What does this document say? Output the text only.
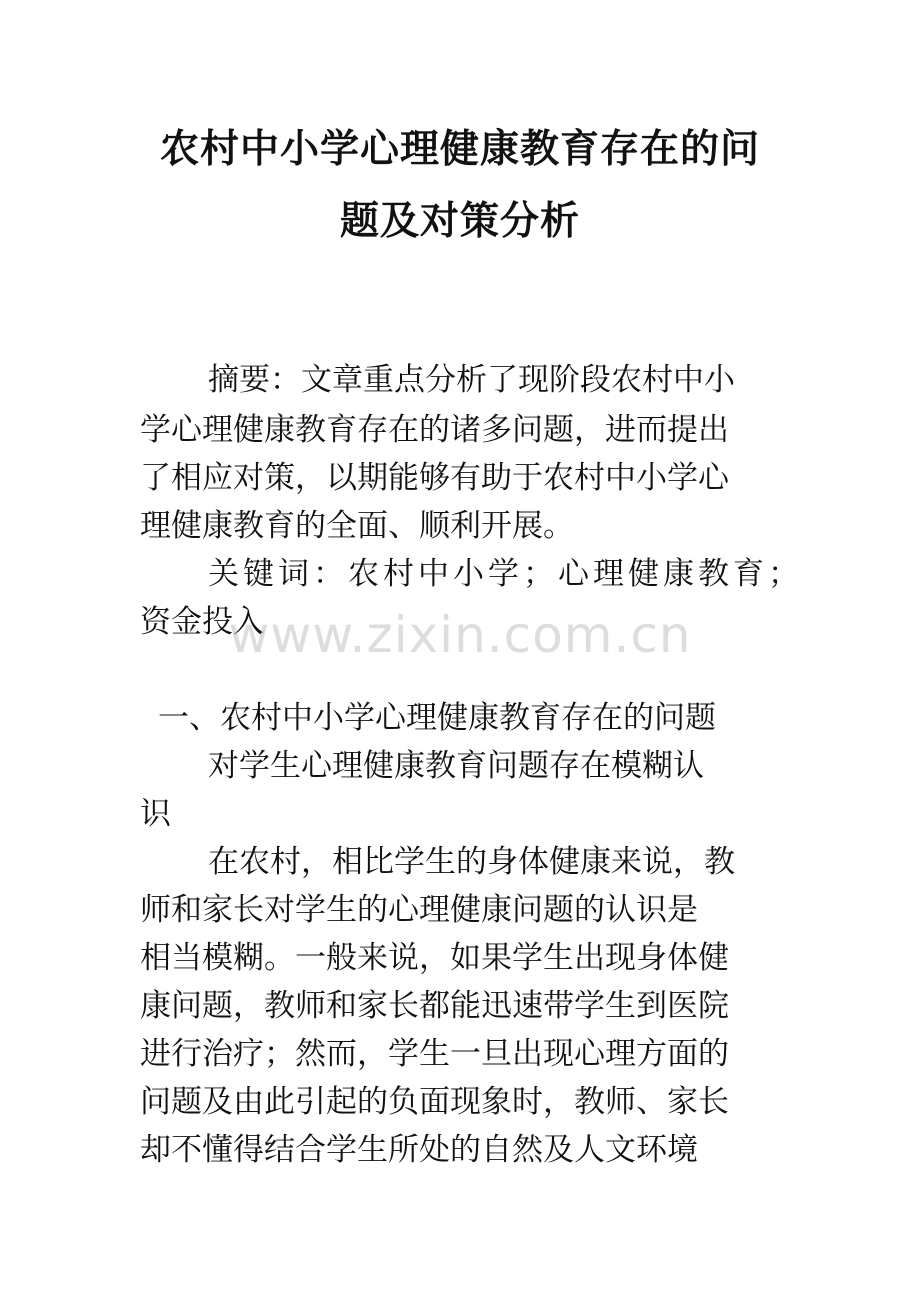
农村中小学心理健康教育存在的问
题及对策分析
摘要：文章重点分析了现阶段农村中小
学心理健康教育存在的诸多问题，进而提出
了相应对策，以期能够有助于农村中小学心
理健康教育的全面、顺利开展。
关键词：农村中小学；心理健康教育；
资金投入
www.zixin.com.cn
一、农村中小学心理健康教育存在的问题
对学生心理健康教育问题存在模糊认
识
在农村，相比学生的身体健康来说，教
师和家长对学生的心理健康问题的认识是
相当模糊。一般来说，如果学生出现身体健
康问题，教师和家长都能迅速带学生到医院
进行治疗；然而，学生一旦出现心理方面的
问题及由此引起的负面现象时，教师、家长
却不懂得结合学生所处的自然及人文环境
